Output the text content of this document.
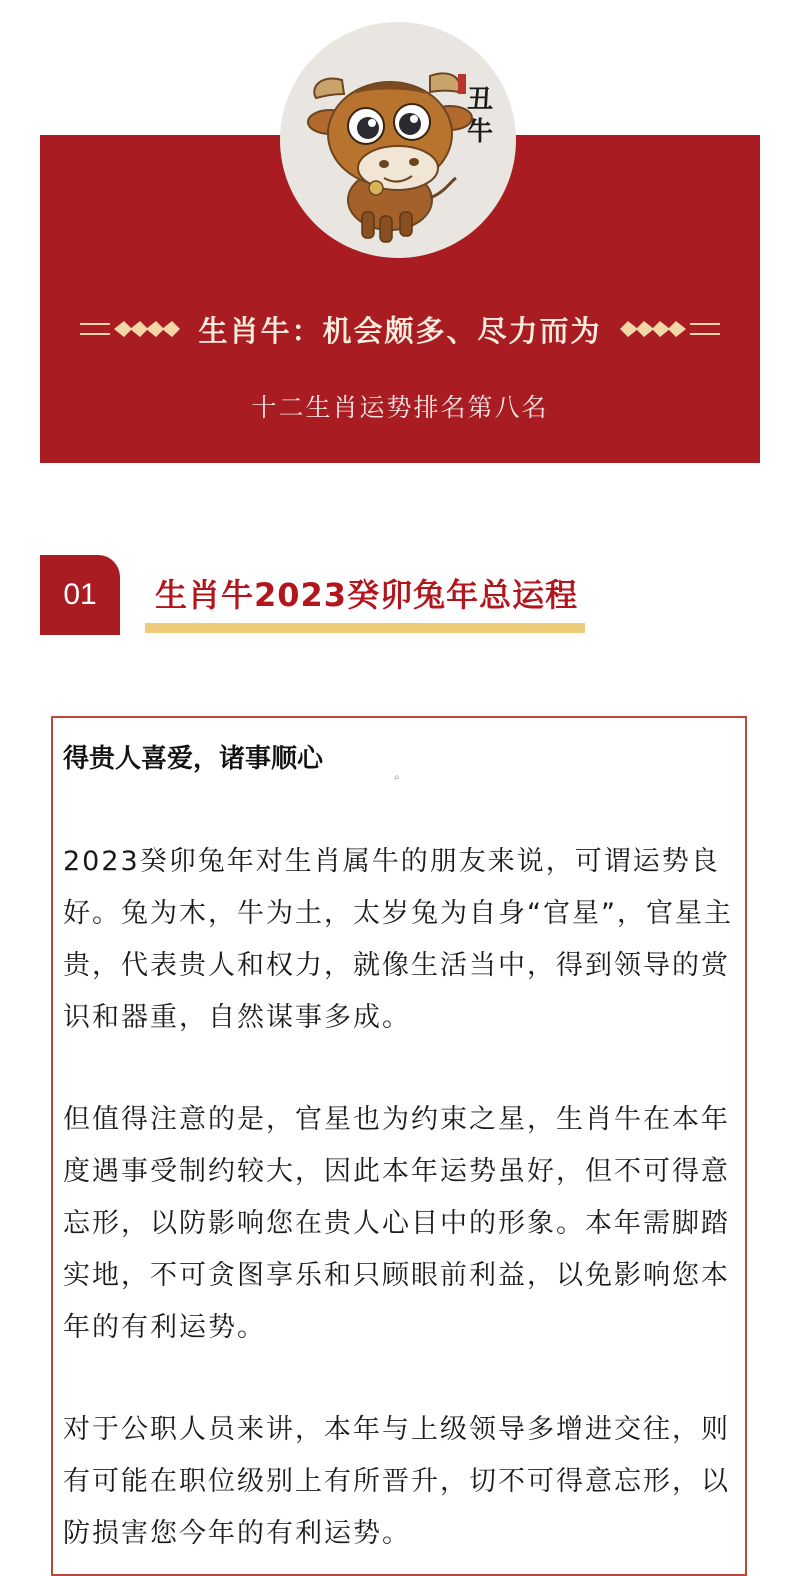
丑
牛
生肖牛：机会颇多、尽力而为
十二生肖运势排名第八名
01	生肖牛2023癸卯兔年总运程
得贵人喜爱，诸事顺心
⌕

2023癸卯兔年对生肖属牛的朋友来说，可谓运势良好。兔为木，牛为土，太岁兔为自身“官星”，官星主贵，代表贵人和权力，就像生活当中，得到领导的赏识和器重，自然谋事多成。

但值得注意的是，官星也为约束之星，生肖牛在本年度遇事受制约较大，因此本年运势虽好，但不可得意忘形，以防影响您在贵人心目中的形象。本年需脚踏实地，不可贪图享乐和只顾眼前利益，以免影响您本年的有利运势。

对于公职人员来讲，本年与上级领导多增进交往，则有可能在职位级别上有所晋升，切不可得意忘形，以防损害您今年的有利运势。
